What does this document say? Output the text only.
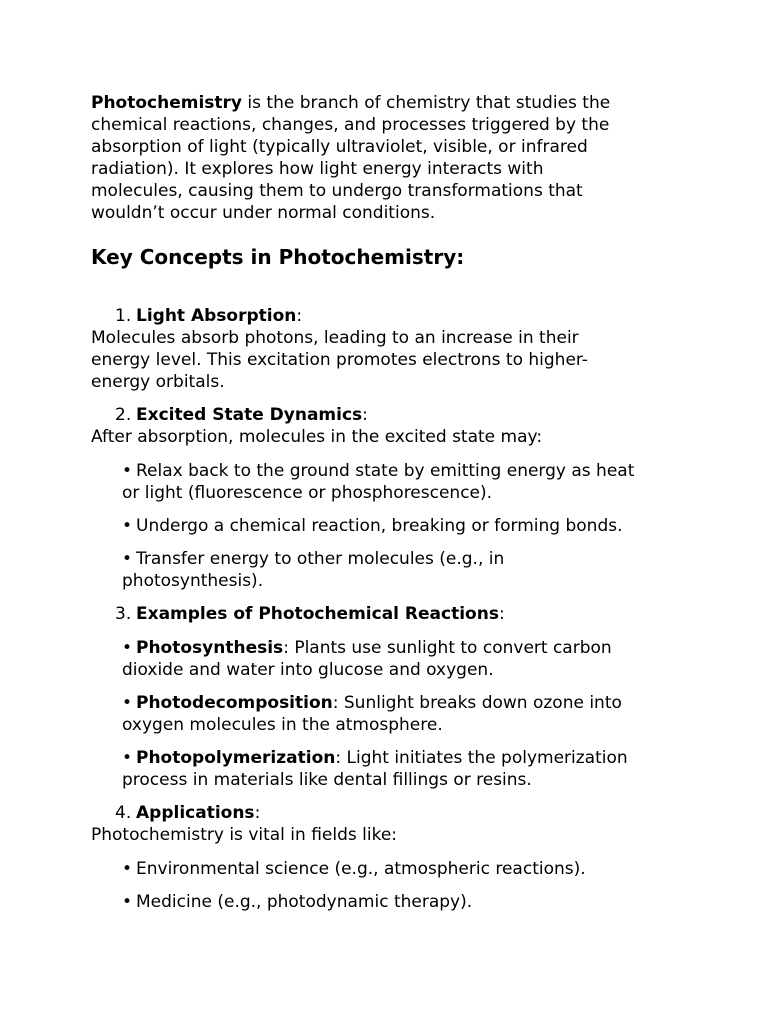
Photochemistry is the branch of chemistry that studies the
chemical reactions, changes, and processes triggered by the
absorption of light (typically ultraviolet, visible, or infrared
radiation). It explores how light energy interacts with
molecules, causing them to undergo transformations that
wouldn’t occur under normal conditions.

Key Concepts in Photochemistry:
1. Light Absorption:
Molecules absorb photons, leading to an increase in their
energy level. This excitation promotes electrons to higher-
energy orbitals.
2. Excited State Dynamics:
After absorption, molecules in the excited state may:
• Relax back to the ground state by emitting energy as heat
or light (fluorescence or phosphorescence).
• Undergo a chemical reaction, breaking or forming bonds.
• Transfer energy to other molecules (e.g., in
photosynthesis).
3. Examples of Photochemical Reactions:
• Photosynthesis: Plants use sunlight to convert carbon
dioxide and water into glucose and oxygen.
• Photodecomposition: Sunlight breaks down ozone into
oxygen molecules in the atmosphere.
• Photopolymerization: Light initiates the polymerization
process in materials like dental fillings or resins.
4. Applications:
Photochemistry is vital in fields like:
• Environmental science (e.g., atmospheric reactions).
• Medicine (e.g., photodynamic therapy).
